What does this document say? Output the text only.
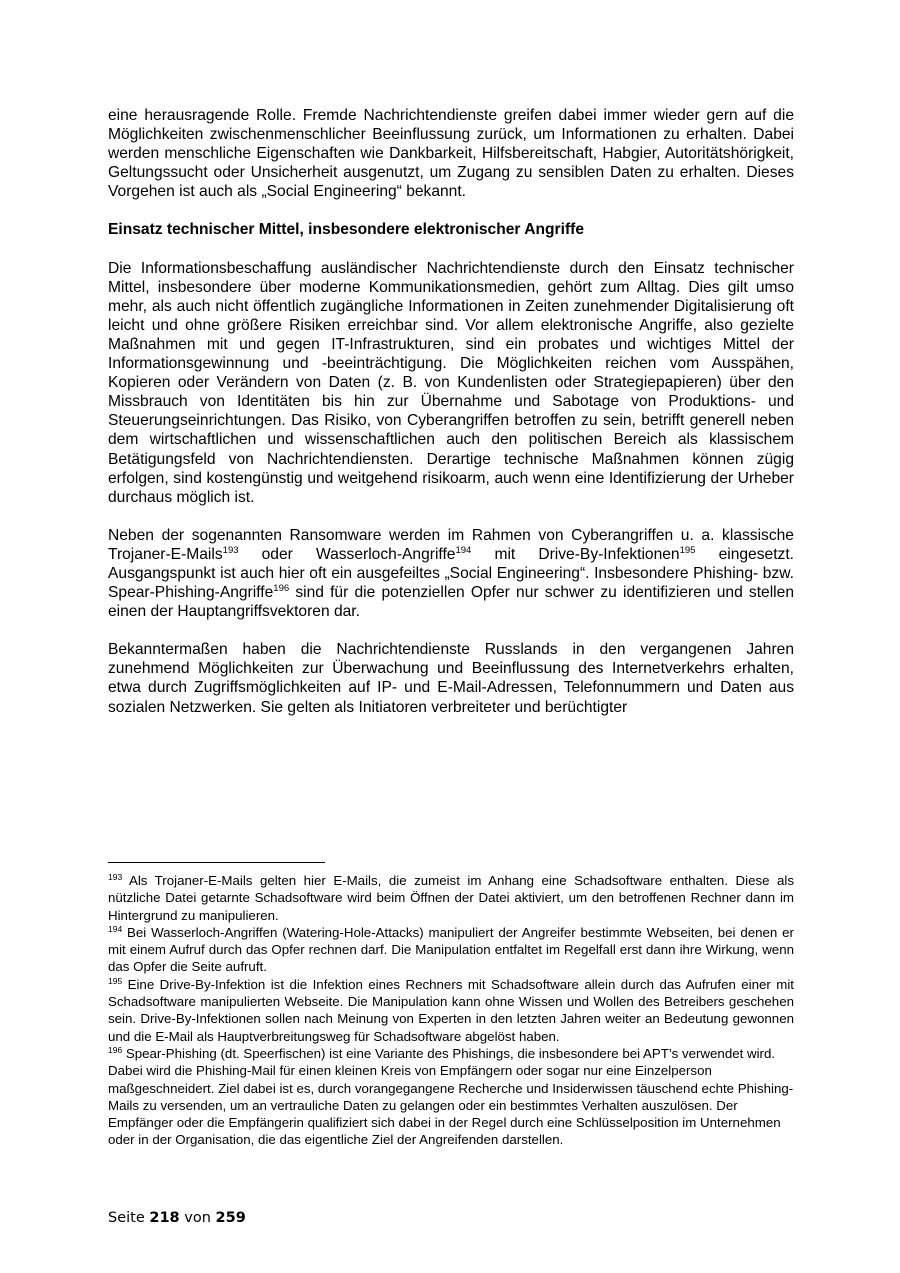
eine herausragende Rolle. Fremde Nachrichtendienste greifen dabei immer wieder gern auf die Möglichkeiten zwischenmenschlicher Beeinflussung zurück, um Informationen zu erhalten. Dabei werden menschliche Eigenschaften wie Dankbarkeit, Hilfsbereitschaft, Habgier, Autoritätshörigkeit, Geltungssucht oder Unsicherheit ausgenutzt, um Zugang zu sensiblen Daten zu erhalten. Dieses Vorgehen ist auch als „Social Engineering“ bekannt.

Einsatz technischer Mittel, insbesondere elektronischer Angriffe

Die Informationsbeschaffung ausländischer Nachrichtendienste durch den Einsatz technischer Mittel, insbesondere über moderne Kommunikationsmedien, gehört zum Alltag. Dies gilt umso mehr, als auch nicht öffentlich zugängliche Informationen in Zeiten zunehmender Digitalisierung oft leicht und ohne größere Risiken erreichbar sind. Vor allem elektronische Angriffe, also gezielte Maßnahmen mit und gegen IT-Infrastrukturen, sind ein probates und wichtiges Mittel der Informationsgewinnung und -beeinträchtigung. Die Möglichkeiten reichen vom Ausspähen, Kopieren oder Verändern von Daten (z. B. von Kundenlisten oder Strategiepapieren) über den Missbrauch von Identitäten bis hin zur Übernahme und Sabotage von Produktions- und Steuerungseinrichtungen. Das Risiko, von Cyberangriffen betroffen zu sein, betrifft generell neben dem wirtschaftlichen und wissenschaftlichen auch den politischen Bereich als klassischem Betätigungsfeld von Nachrichtendiensten. Derartige technische Maßnahmen können zügig erfolgen, sind kostengünstig und weitgehend risikoarm, auch wenn eine Identifizierung der Urheber durchaus möglich ist.

Neben der sogenannten Ransomware werden im Rahmen von Cyberangriffen u. a. klassische Trojaner-E-Mails$^{193}$ oder Wasserloch-Angriffe$^{194}$ mit Drive-By-Infektionen$^{195}$ eingesetzt. Ausgangspunkt ist auch hier oft ein ausgefeiltes „Social Engineering“. Insbesondere Phishing- bzw. Spear-Phishing-Angriffe$^{196}$ sind für die potenziellen Opfer nur schwer zu identifizieren und stellen einen der Hauptangriffsvektoren dar.

Bekanntermaßen haben die Nachrichtendienste Russlands in den vergangenen Jahren zunehmend Möglichkeiten zur Überwachung und Beeinflussung des Internetverkehrs erhalten, etwa durch Zugriffsmöglichkeiten auf IP- und E-Mail-Adressen, Telefonnummern und Daten aus sozialen Netzwerken. Sie gelten als Initiatoren verbreiteter und berüchtigter

$^{193}$ Als Trojaner-E-Mails gelten hier E-Mails, die zumeist im Anhang eine Schadsoftware enthalten. Diese als nützliche Datei getarnte Schadsoftware wird beim Öffnen der Datei aktiviert, um den betroffenen Rechner dann im Hintergrund zu manipulieren.

$^{194}$ Bei Wasserloch-Angriffen (Watering-Hole-Attacks) manipuliert der Angreifer bestimmte Webseiten, bei denen er mit einem Aufruf durch das Opfer rechnen darf. Die Manipulation entfaltet im Regelfall erst dann ihre Wirkung, wenn das Opfer die Seite aufruft.

$^{195}$ Eine Drive-By-Infektion ist die Infektion eines Rechners mit Schadsoftware allein durch das Aufrufen einer mit Schadsoftware manipulierten Webseite. Die Manipulation kann ohne Wissen und Wollen des Betreibers geschehen sein. Drive-By-Infektionen sollen nach Meinung von Experten in den letzten Jahren weiter an Bedeutung gewonnen und die E-Mail als Hauptverbreitungsweg für Schadsoftware abgelöst haben.

$^{196}$ Spear-Phishing (dt. Speerfischen) ist eine Variante des Phishings, die insbesondere bei APT’s verwendet wird. Dabei wird die Phishing-Mail für einen kleinen Kreis von Empfängern oder sogar nur eine Einzelperson maßgeschneidert. Ziel dabei ist es, durch vorangegangene Recherche und Insiderwissen täuschend echte Phishing-Mails zu versenden, um an vertrauliche Daten zu gelangen oder ein bestimmtes Verhalten auszulösen. Der Empfänger oder die Empfängerin qualifiziert sich dabei in der Regel durch eine Schlüsselposition im Unternehmen oder in der Organisation, die das eigentliche Ziel der Angreifenden darstellen.

Seite 218 von 259
